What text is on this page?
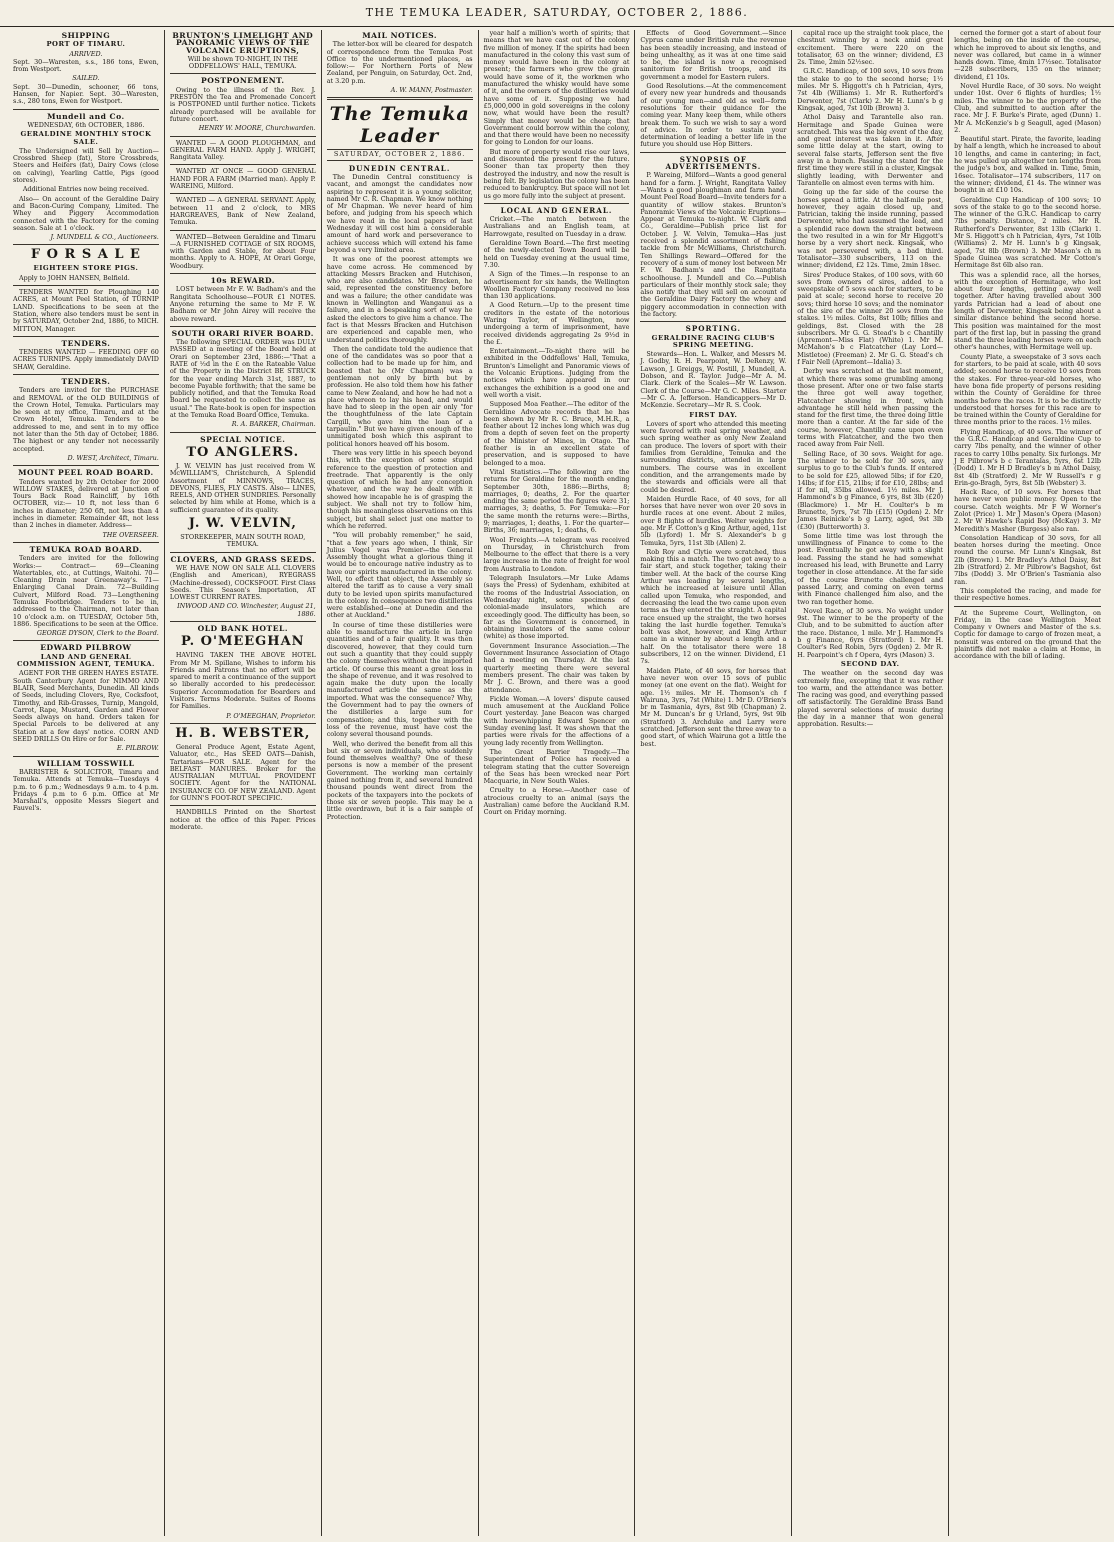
THE TEMUKA LEADER, SATURDAY, OCTOBER 2, 1886.
SHIPPING
PORT OF TIMARU.
ARRIVED.

Sept. 30—Waresten, s.s., 186 tons, Ewen, from Westport.

SAILED.

Sept. 30—Dunedin, schooner, 66 tons, Hansen, for Napier. Sept. 30—Waresten, s.s., 280 tons, Ewen for Westport.

Mundell and Co.

WEDNESDAY, 6th OCTOBER, 1886.

GERALDINE MONTHLY STOCK SALE.

The Undersigned will Sell by Auction— Crossbred Sheep (fat), Store Crossbreds, Steers and Heifers (fat), Dairy Cows (close on calving), Yearling Cattle, Pigs (good stores).

Additional Entries now being received.

Also— On account of the Geraldine Dairy and Bacon-Curing Company, Limited. The Whey and Piggery Accommodation connected with the Factory for the coming season. Sale at 1 o'clock.

J. MUNDELL & CO., Auctioneers.
F O R S A L E
EIGHTEEN STORE PIGS.

Apply to JOHN HANSEN, Belfield.

TENDERS WANTED for Ploughing 140 ACRES, at Mount Peel Station, of TURNIP LAND. Specifications to be seen at the Station, where also tenders must be sent in by SATURDAY, October 2nd, 1886, to MICH. MITTON, Manager.

TENDERS.

TENDERS WANTED — FEEDING OFF 60 ACRES TURNIPS. Apply immediately DAVID SHAW, Geraldine.

TENDERS.

Tenders are invited for the PURCHASE and REMOVAL of the OLD BUILDINGS of the Crown Hotel, Temuka. Particulars may be seen at my office, Timaru, and at the Crown Hotel, Temuka. Tenders to be addressed to me, and sent in to my office not later than the 5th day of October, 1886. The highest or any tender not necessarily accepted.

D. WEST, Architect, Timaru.
MOUNT PEEL ROAD BOARD.

Tenders wanted by 2th October for 2000 WILLOW STAKES, delivered at Junction of Tours Back Road Raincliff, by 16th OCTOBER, viz:— 10 ft, not less than 6 inches in diameter; 250 6ft, not less than 4 inches in diameter. Remainder 4ft, not less than 2 inches in diameter. Address—

THE OVERSEER.
TEMUKA ROAD BOARD.

Tenders are invited for the following Works:— Contract— 69—Cleaning Watertables, etc., at Cuttings, Waitohi. 70—Cleaning Drain near Greenaway's. 71—Enlarging Canal Drain. 72—Building Culvert, Milford Road. 73—Lengthening Temuka Footbridge. Tenders to be in, addressed to the Chairman, not later than 10 o'clock a.m. on TUESDAY, October 5th, 1886. Specifications to be seen at the Office.

GEORGE DYSON, Clerk to the Board.
EDWARD PILBROW
LAND AND GENERAL COMMISSION AGENT, TEMUKA.

AGENT FOR THE GREEN HAYES ESTATE. South Canterbury Agent for NIMMO AND BLAIR, Seed Merchants, Dunedin. All kinds of Seeds, including Clovers, Rye, Cocksfoot, Timothy, and Rib-Grasses, Turnip, Mangold, Carrot, Rape, Mustard, Garden and Flower Seeds always on hand. Orders taken for Special Parcels to be delivered at any Station at a few days' notice. CORN AND SEED DRILLS On Hire or for Sale.

E. PILBROW.
WILLIAM TOSSWILL

BARRISTER & SOLICITOR, Timaru and Temuka. Attends at Temuka—Tuesdays 4 p.m. to 6 p.m.; Wednesdays 9 a.m. to 4 p.m. Fridays 4 p.m to 6 p.m. Office at Mr Marshall's, opposite Messrs Siegert and Fauvel's.

BRUNTON'S LIMELIGHT AND PANORAMIC VIEWS OF THE VOLCANIC ERUPTIONS,

Will be shown TO-NIGHT, IN THE ODDFELLOWS' HALL, TEMUKA.

POSTPONEMENT.

Owing to the illness of the Rev. J. PRESTON the Tea and Promenade Concert is POSTPONED until further notice. Tickets already purchased will be available for future concert.

HENRY W. MOORE, Churchwarden.

WANTED — A GOOD PLOUGHMAN, and GENERAL FARM HAND. Apply J. WRIGHT, Rangitata Valley.

WANTED AT ONCE — GOOD GENERAL HAND FOR A FARM (Married man). Apply P. WAREING, Milford.

WANTED — A GENERAL SERVANT. Apply, between 11 and 2 o'clock, to MRS HARGREAVES, Bank of New Zealand, Temuka.

WANTED—Between Geraldine and Timaru—A FURNISHED COTTAGE of SIX ROOMS, with Garden and Stable, for about Four months. Apply to A. HOPE, At Orari Gorge, Woodbury.

10s REWARD.

LOST between Mr F. W. Badham's and the Rangitata Schoolhouse—FOUR £1 NOTES. Anyone returning the same to Mr F. W. Badham or Mr John Airey will receive the above reward.

SOUTH ORARI RIVER BOARD.

The following SPECIAL ORDER was DULY PASSED at a meeting of the Board held at Orari on September 23rd, 1886:—"That a RATE of ½d in the £ on the Rateable Value of the Property in the District BE STRUCK for the year ending March 31st, 1887, to become Payable forthwith; that the same be publicly notified, and that the Temuka Road Board be requested to collect the same as usual." The Rate-book is open for inspection at the Temuka Road Board Office, Temuka.

R. A. BARKER, Chairman.
SPECIAL NOTICE.
TO ANGLERS.

J. W. VELVIN has just received from W. McWILLIAM'S, Christchurch, A Splendid Assortment of MINNOWS, TRACES, DEVONS, FLIES, FLY CASTS. Also— LINES, REELS, AND OTHER SUNDRIES. Personally selected by him while at Home, which is a sufficient guarantee of its quality.

J. W. VELVIN,

STOREKEEPER, MAIN SOUTH ROAD, TEMUKA.

CLOVERS, AND GRASS SEEDS.

WE HAVE NOW ON SALE ALL CLOVERS (English and American), RYEGRASS (Machine-dressed), COCKSFOOT. First Class Seeds. This Season's Importation, AT LOWEST CURRENT RATES.

INWOOD AND CO. Winchester, August 21, 1886.
OLD BANK HOTEL.
P. O'MEEGHAN

HAVING TAKEN THE ABOVE HOTEL From Mr M. Spillane, Wishes to inform his Friends and Patrons that no effort will be spared to merit a continuance of the support so liberally accorded to his predecessor. Superior Accommodation for Boarders and Visitors. Terms Moderate. Suites of Rooms for Families.

P. O'MEEGHAN, Proprietor.
H. B. WEBSTER,

General Produce Agent, Estate Agent, Valuator, etc., Has SEED OATS—Danish, Tartarians—FOR SALE. Agent for the BELFAST MANURES. Broker for the AUSTRALIAN MUTUAL PROVIDENT SOCIETY. Agent for the NATIONAL INSURANCE CO. OF NEW ZEALAND. Agent for GUNN'S FOOT-ROT SPECIFIC.

HANDBILLS Printed on the Shortest notice at the office of this Paper. Prices moderate.

MAIL NOTICES.

The letter-box will be cleared for despatch of correspondence from the Temuka Post Office to the undermentioned places, as follow:— For Northern Ports of New Zealand, per Penguin, on Saturday, Oct. 2nd, at 3.20 p.m.

A. W. MANN, Postmaster.
The Temuka Leader
SATURDAY, OCTOBER 2, 1886.
DUNEDIN CENTRAL.

The Dunedin Central constituency is vacant, and amongst the candidates now aspiring to represent it is a young solicitor, named Mr C. R. Chapman. We know nothing of Mr Chapman. We never heard of him before, and judging from his speech which we have read in the local papers of last Wednesday it will cost him a considerable amount of hard work and perseverance to achieve success which will extend his fame beyond a very limited area.

It was one of the poorest attempts we have come across. He commenced by attacking Messrs Bracken and Hutchison, who are also candidates. Mr Bracken, he said, represented the constituency before and was a failure; the other candidate was known in Wellington and Wanganui as a failure, and in a bespeaking sort of way he asked the electors to give him a chance. The fact is that Messrs Bracken and Hutchison are experienced and capable men, who understand politics thoroughly.

Then the candidate told the audience that one of the candidates was so poor that a collection had to be made up for him, and boasted that he (Mr Chapman) was a gentleman not only by birth but by profession. He also told them how his father came to New Zealand, and how he had not a place whereon to lay his head, and would have had to sleep in the open air only "for the thoughtfulness of the late Captain Cargill, who gave him the loan of a tarpaulin." But we have given enough of the unmitigated bosh which this aspirant to political honors heaved off his bosom.

There was very little in his speech beyond this, with the exception of some stupid reference to the question of protection and freetrade. That apparently is the only question of which he had any conception whatever, and the way he dealt with it showed how incapable he is of grasping the subject. We shall not try to follow him, though his meaningless observations on this subject, but shall select just one matter to which he referred.

"You will probably remember," he said, "that a few years ago when, I think, Sir Julius Vogel was Premier—the General Assembly thought what a glorious thing it would be to encourage native industry as to have our spirits manufactured in the colony. Well, to effect that object, the Assembly so altered the tariff as to cause a very small duty to be levied upon spirits manufactured in the colony. In consequence two distilleries were established—one at Dunedin and the other at Auckland."

In course of time these distilleries were able to manufacture the article in large quantities and of a fair quality. It was then discovered, however, that they could turn out such a quantity that they could supply the colony themselves without the imported article. Of course this meant a great loss in the shape of revenue, and it was resolved to again make the duty upon the locally manufactured article the same as the imported. What was the consequence? Why, the Government had to pay the owners of the distilleries a large sum for compensation; and this, together with the loss of the revenue, must have cost the colony several thousand pounds.

Well, who derived the benefit from all this but six or seven individuals, who suddenly found themselves wealthy? One of these persons is now a member of the present Government. The working man certainly gained nothing from it, and several hundred thousand pounds went direct from the pockets of the taxpayers into the pockets of those six or seven people. This may be a little overdrawn, but it is a fair sample of Protection.

year half a million's worth of spirits; that means that we have cast out of the colony five million of money. If the spirits had been manufactured in the colony this vast sum of money would have been in the colony at present; the farmers who grew the grain would have some of it, the workmen who manufactured the whisky would have some of it, and the owners of the distilleries would have some of it. Supposing we had £5,000,000 in gold sovereigns in the colony now, what would have been the result? Simply that money would be cheap; that Government could borrow within the colony, and that there would have been no necessity for going to London for our loans.

But more of property would rise our laws, and discounted the present for the future. Sooner than tax property then they destroyed the industry, and now the result is being felt. By legislation the colony has been reduced to bankruptcy. But space will not let us go more fully into the subject at present.

LOCAL AND GENERAL.

Cricket.—The match between the Australians and an English team, at Harrowgate, resulted on Tuesday in a draw.

Geraldine Town Board.—The first meeting of the newly-elected Town Board will be held on Tuesday evening at the usual time, 7.30.

A Sign of the Times.—In response to an advertisement for six hands, the Wellington Woollen Factory Company received no less than 130 applications.

A Good Return.—Up to the present time creditors in the estate of the notorious Waring Taylor, of Wellington, now undergoing a term of imprisonment, have received dividends aggregating 2s 9½d in the £.

Entertainment.—To-night there will be exhibited in the Oddfellows' Hall, Temuka, Brunton's Limelight and Panoramic views of the Volcanic Eruptions. Judging from the notices which have appeared in our exchanges the exhibition is a good one and well worth a visit.

Supposed Moa Feather.—The editor of the Geraldine Advocate records that he has been shown by Mr R. C. Bruce, M.H.R., a feather about 12 inches long which was dug from a depth of seven feet on the property of the Minister of Mines, in Otago. The feather is in an excellent state of preservation, and is supposed to have belonged to a moa.

Vital Statistics.—The following are the returns for Geraldine for the month ending September 30th, 1886:—Births, 8; marriages, 0; deaths, 2. For the quarter ending the same period the figures were 31; marriages, 3; deaths, 5. For Temuka:—For the same month the returns were:—Births, 9; marriages, 1; deaths, 1. For the quarter—Births, 36; marriages, 1; deaths, 6.

Wool Freights.—A telegram was received on Thursday, in Christchurch from Melbourne to the effect that there is a very large increase in the rate of freight for wool from Australia to London.

Telegraph Insulators.—Mr Luke Adams (says the Press) of Sydenham, exhibited at the rooms of the Industrial Association, on Wednesday night, some specimens of colonial-made insulators, which are exceedingly good. The difficulty has been, so far as the Government is concerned, in obtaining insulators of the same colour (white) as those imported.

Government Insurance Association.—The Government Insurance Association of Otago had a meeting on Thursday. At the last quarterly meeting there were several members present. The chair was taken by Mr J. C. Brown, and there was a good attendance.

Fickle Woman.—A lovers' dispute caused much amusement at the Auckland Police Court yesterday. Jane Beacon was charged with horsewhipping Edward Spencer on Sunday evening last. It was shown that the parties were rivals for the affections of a young lady recently from Wellington.

The Great Barrier Tragedy.—The Superintendent of Police has received a telegram stating that the cutter Sovereign of the Seas has been wrecked near Port Macquarie, in New South Wales.

Cruelty to a Horse.—Another case of atrocious cruelty to an animal (says the Australian) came before the Auckland R.M. Court on Friday morning.

Effects of Good Government.—Since Cyprus came under British rule the revenue has been steadily increasing, and instead of being unhealthy, as it was at one time said to be, the island is now a recognised sanitorium for British troops, and its government a model for Eastern rulers.

Good Resolutions.—At the commencement of every new year hundreds and thousands of our young men—and old as well—form resolutions for their guidance for the coming year. Many keep them, while others break them. To such we wish to say a word of advice. In order to sustain your determination of leading a better life in the future you should use Hop Bitters.

SYNOPSIS OF ADVERTISEMENTS.

P. Wareing, Milford—Wants a good general hand for a farm. J. Wright, Rangitata Valley—Wants a good ploughman and farm hand. Mount Peel Road Board—Invite tenders for a quantity of willow stakes. Brunton's Panoramic Views of the Volcanic Eruptions—Appear at Temuka to-night. W. Clark and Co., Geraldine—Publish price list for October. J. W. Velvin, Temuka—Has just received a splendid assortment of fishing tackle from Mr McWilliams, Christchurch. Ten Shillings Reward—Offered for the recovery of a sum of money lost between Mr F. W. Badham's and the Rangitata schoolhouse. J. Mundell and Co.—Publish particulars of their monthly stock sale; they also notify that they will sell on account of the Geraldine Dairy Factory the whey and piggery accommodation in connection with the factory.

SPORTING.
GERALDINE RACING CLUB'S SPRING MEETING.

Stewards—Hon. L. Walker, and Messrs M. J. Godby, R. H. Pearpoint, W. DeRenzy, W. Lawson, J. Greiggs, W. Postill, J. Mundell, A. Dobson, and R. Taylor. Judge—Mr A. M. Clark. Clerk of the Scales—Mr W. Lawson. Clerk of the Course—Mr G. C. Miles. Starter—Mr C. A. Jefferson. Handicappers—Mr D. McKenzie. Secretary—Mr R. S. Cook.

FIRST DAY.

Lovers of sport who attended this meeting were favored with real spring weather, and such spring weather as only New Zealand can produce. The lovers of sport with their families from Geraldine, Temuka and the surrounding districts, attended in large numbers. The course was in excellent condition, and the arrangements made by the stewards and officials were all that could be desired.

Maiden Hurdle Race, of 40 sovs, for all horses that have never won over 20 sovs in hurdle races at one event. About 2 miles, over 8 flights of hurdles. Welter weights for age. Mr F. Cotton's g King Arthur, aged, 11st 5lb (Lyford) 1. Mr S. Alexander's b g Temuka, 5yrs, 11st 3lb (Allen) 2.

Rob Roy and Clytie were scratched, thus making this a match. The two got away to a fair start, and stuck together, taking their timber well. At the back of the course King Arthur was leading by several lengths, which he increased at leisure until Allan called upon Temuka, who responded, and decreasing the lead the two came upon even terms as they entered the straight. A capital race ensued up the straight, the two horses taking the last hurdle together. Temuka's bolt was shot, however, and King Arthur came in a winner by about a length and a half. On the totalisator there were 18 subscribers, 12 on the winner. Dividend, £1 7s.

Maiden Plate, of 40 sovs, for horses that have never won over 15 sovs of public money (at one event on the flat). Weight for age. 1½ miles. Mr H. Thomson's ch f Wairuna, 3yrs, 7st (White) 1. Mr D. O'Brien's br m Tasmania, 4yrs, 8st 9lb (Chapman) 2. Mr M. Duncan's br g Urland, 5yrs, 9st 9lb (Stratford) 3. Archduke and Larry were scratched. Jefferson sent the three away to a good start, of which Wairuna got a little the best.

capital race up the straight took place, the chestnut winning by a neck amid great excitement. There were 220 on the totalisator, 63 on the winner; dividend, £3 2s. Time, 2min 52½sec.

G.R.C. Handicap, of 100 sovs, 10 sovs from the stake to go to the second horse; 1½ miles. Mr S. Higgott's ch h Patrician, 4yrs, 7st 4lb (Williams) 1. Mr R. Rutherford's Derwenter, 7st (Clark) 2. Mr H. Lunn's b g Kingsak, aged, 7st 10lb (Brown) 3.

Athol Daisy and Tarantelle also ran. Hermitage and Spade Guinea were scratched. This was the big event of the day, and great interest was taken in it. After some little delay at the start, owing to several false starts, Jefferson sent the five away in a bunch. Passing the stand for the first time they were still in a cluster, Kingsak slightly leading, with Derwenter and Tarantelle on almost even terms with him.

Going up the far side of the course the horses spread a little. At the half-mile post, however, they again closed up, and Patrician, taking the inside running, passed Derwenter, who had assumed the lead, and a splendid race down the straight between the two resulted in a win for Mr Higgott's horse by a very short neck. Kingsak, who was not persevered with, a bad third. Totalisator—330 subscribers, 113 on the winner; dividend, £2 12s. Time, 2min 18sec.

Sires' Produce Stakes, of 100 sovs, with 60 sovs from owners of sires, added to a sweepstake of 5 sovs each for starters, to be paid at scale; second horse to receive 20 sovs; third horse 10 sovs; and the nominator of the sire of the winner 20 sovs from the stakes. 1½ miles. Colts, 8st 10lb; fillies and geldings, 8st. Closed with the 28 subscribers. Mr G. G. Stead's b c Chantilly (Apremont—Miss Flat) (White) 1. Mr M. McMahon's b c Flatcatcher (Lay Lord—Mistletoe) (Freeman) 2. Mr G. G. Stead's ch f Fair Nell (Apremont—Idalia) 3.

Derby was scratched at the last moment, at which there was some grumbling among those present. After one or two false starts the three got well away together, Flatcatcher showing in front, which advantage he still held when passing the stand for the first time, the three doing little more than a canter. At the far side of the course, however, Chantilly came upon even terms with Flatcatcher, and the two then raced away from Fair Nell.

Selling Race, of 30 sovs. Weight for age. The winner to be sold for 30 sovs, any surplus to go to the Club's funds. If entered to be sold for £25, allowed 5lbs; if for £20, 14lbs; if for £15, 21lbs; if for £10, 28lbs; and if for nil, 35lbs allowed. 1½ miles. Mr J. Hammond's b g Finance, 6 yrs, 8st 3lb (£20) (Blackmore) 1. Mr H. Coulter's b m Brunette, 5yrs, 7st 7lb (£15) (Ogden) 2. Mr James Reinicke's b g Larry, aged, 9st 3lb (£30) (Butterworth) 3.

Some little time was lost through the unwillingness of Finance to come to the post. Eventually he got away with a slight lead. Passing the stand he had somewhat increased his lead, with Brunette and Larry together in close attendance. At the far side of the course Brunette challenged and passed Larry, and coming on even terms with Finance challenged him also, and the two ran together home.

Novel Race, of 30 sovs. No weight under 9st. The winner to be the property of the Club, and to be submitted to auction after the race. Distance, 1 mile. Mr J. Hammond's b g Finance, 6yrs (Stratford) 1. Mr H. Coulter's Red Robin, 5yrs (Ogden) 2. Mr R. H. Pearpoint's ch f Opera, 4yrs (Mason) 3.

SECOND DAY.

The weather on the second day was extremely fine, excepting that it was rather too warm, and the attendance was better. The racing was good, and everything passed off satisfactorily. The Geraldine Brass Band played several selections of music during the day in a manner that won general approbation. Results:—

cerned the former got a start of about four lengths, being on the inside of the course, which he improved to about six lengths, and never was collared, but came in a winner hands down. Time, 4min 17½sec. Totalisator—228 subscribers, 135 on the winner; dividend, £1 10s.

Novel Hurdle Race, of 30 sovs. No weight under 10st. Over 6 flights of hurdles; 1½ miles. The winner to be the property of the Club, and submitted to auction after the race. Mr J. F. Burke's Pirate, aged (Dunn) 1. Mr A. McKenzie's b g Seagull, aged (Mason) 2.

Beautiful start. Pirate, the favorite, leading by half a length, which he increased to about 10 lengths, and came in cantering; in fact, he was pulled up altogether ten lengths from the judge's box, and walked in. Time, 5min, 16sec. Totalisator—174 subscribers, 117 on the winner; dividend, £1 4s. The winner was bought in at £10 10s.

Geraldine Cup Handicap of 100 sovs; 10 sovs of the stake to go to the second horse. The winner of the G.R.C. Handicap to carry 7lbs penalty. Distance, 2 miles. Mr R. Rutherford's Derwenter, 8st 13lb (Clark) 1. Mr S. Higgott's ch h Patrician, 4yrs, 7st 10lb (Williams) 2. Mr H. Lunn's b g Kingsak, aged, 7st 8lb (Brown) 3. Mr Mason's ch m Spade Guinea was scratched. Mr Cotton's Hermitage 8st 6lb also ran.

This was a splendid race, all the horses, with the exception of Hermitage, who lost about four lengths, getting away well together. After having travelled about 300 yards Patrician had a lead of about one length of Derwenter, Kingsak being about a similar distance behind the second horse. This position was maintained for the most part of the first lap, but in passing the grand stand the three leading horses were on each other's haunches, with Hermitage well up.

County Plate, a sweepstake of 3 sovs each for starters, to be paid at scale, with 40 sovs added; second horse to receive 10 sovs from the stakes. For three-year-old horses, who have bona fide property of persons residing within the County of Geraldine for three months before the races. It is to be distinctly understood that horses for this race are to be trained within the County of Geraldine for three months prior to the races. 1½ miles.

Flying Handicap, of 40 sovs. The winner of the G.R.C. Handicap and Geraldine Cup to carry 7lbs penalty, and the winner of other races to carry 10lbs penalty. Six furlongs. Mr J E Pilbrow's b c Terantalas, 5yrs, 6st 12lb (Dodd) 1. Mr H D Bradley's b m Athol Daisy, 8st 4lb (Stratford) 2. Mr W Russell's r g Erin-go-Bragh, 5yrs, 8st 5lb (Webster) 3.

Hack Race, of 10 sovs. For horses that have never won public money. Open to the course. Catch weights. Mr F W Worner's Zolot (Price) 1. Mr J Mason's Opera (Mason) 2. Mr W Hawke's Rapid Boy (McKay) 3. Mr Meredith's Masher (Burgess) also ran.

Consolation Handicap of 30 sovs, for all beaten horses during the meeting. Once round the course. Mr Lunn's Kingsak, 8st 2lb (Brown) 1. Mr Bradley's Athol Daisy, 8st 2lb (Stratford) 2. Mr Pilbrow's Bagshot, 6st 7lbs (Dodd) 3. Mr O'Brien's Tasmania also ran.

This completed the racing, and made for their respective homes.

At the Supreme Court, Wellington, on Friday, in the case Wellington Meat Company v Owners and Master of the s.s. Coptic for damage to cargo of frozen meat, a nonsuit was entered on the ground that the plaintiffs did not make a claim at Home, in accordance with the bill of lading.
